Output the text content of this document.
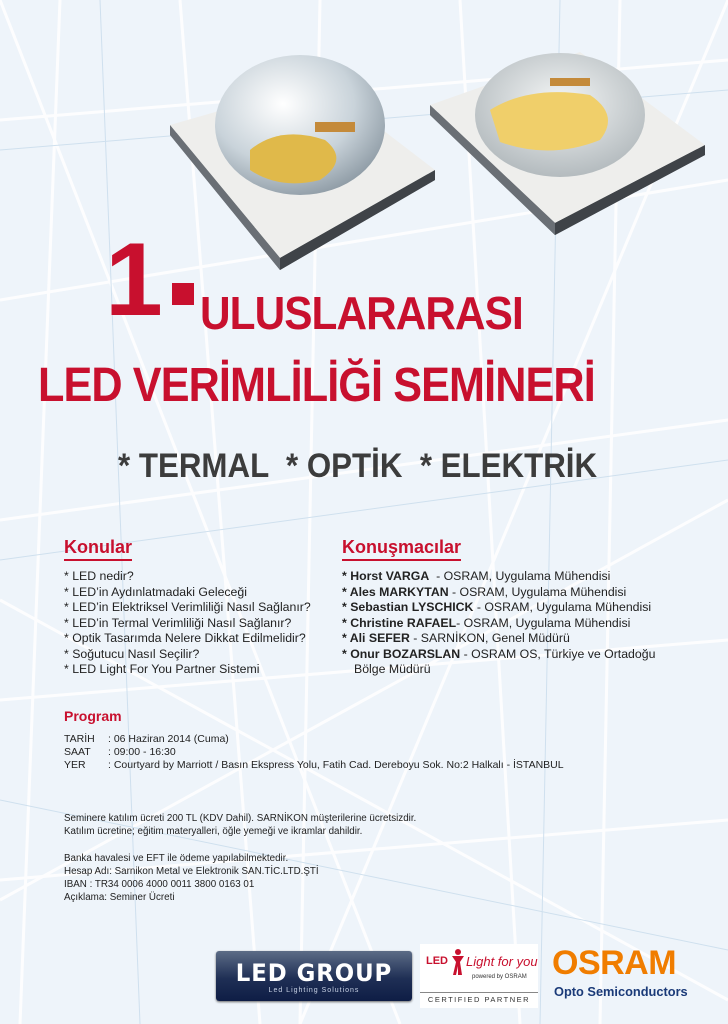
1 ULUSLARARASI
LED VERİMLİLİĞİ SEMİNERİ
* TERMAL  * OPTİK  * ELEKTRİK
Konular
* LED nedir?
* LED’in Aydınlatmadaki Geleceği
* LED’in Elektriksel Verimliliği Nasıl Sağlanır?
* LED’in Termal Verimliliği Nasıl Sağlanır?
* Optik Tasarımda Nelere Dikkat Edilmelidir?
* Soğutucu Nasıl Seçilir?
* LED Light For You Partner Sistemi
Konuşmacılar
* Horst VARGA  - OSRAM, Uygulama Mühendisi
* Ales MARKYTAN - OSRAM, Uygulama Mühendisi
* Sebastian LYSCHICK - OSRAM, Uygulama Mühendisi
* Christine RAFAEL- OSRAM, Uygulama Mühendisi
* Ali SEFER - SARNİKON, Genel Müdürü
* Onur BOZARSLAN - OSRAM OS, Türkiye ve Ortadoğu
Bölge Müdürü
Program
TARİH	: 06 Haziran 2014 (Cuma)
SAAT	: 09:00 - 16:30
YER	: Courtyard by Marriott / Basın Ekspress Yolu, Fatih Cad. Dereboyu Sok. No:2 Halkalı - İSTANBUL
Seminere katılım ücreti 200 TL (KDV Dahil). SARNİKON müşterilerine ücretsizdir.
Katılım ücretine; eğitim materyalleri, öğle yemeği ve ikramlar dahildir.
Banka havalesi ve EFT ile ödeme yapılabilmektedir.
Hesap Adı: Sarnikon Metal ve Elektronik SAN.TİC.LTD.ŞTİ
IBAN : TR34 0006 4000 0011 3800 0163 01
Açıklama: Seminer Ücreti
LED GROUP
Led Lighting Solutions
LED Light for you
powered by OSRAM
CERTIFIED PARTNER
OSRAM
Opto Semiconductors
